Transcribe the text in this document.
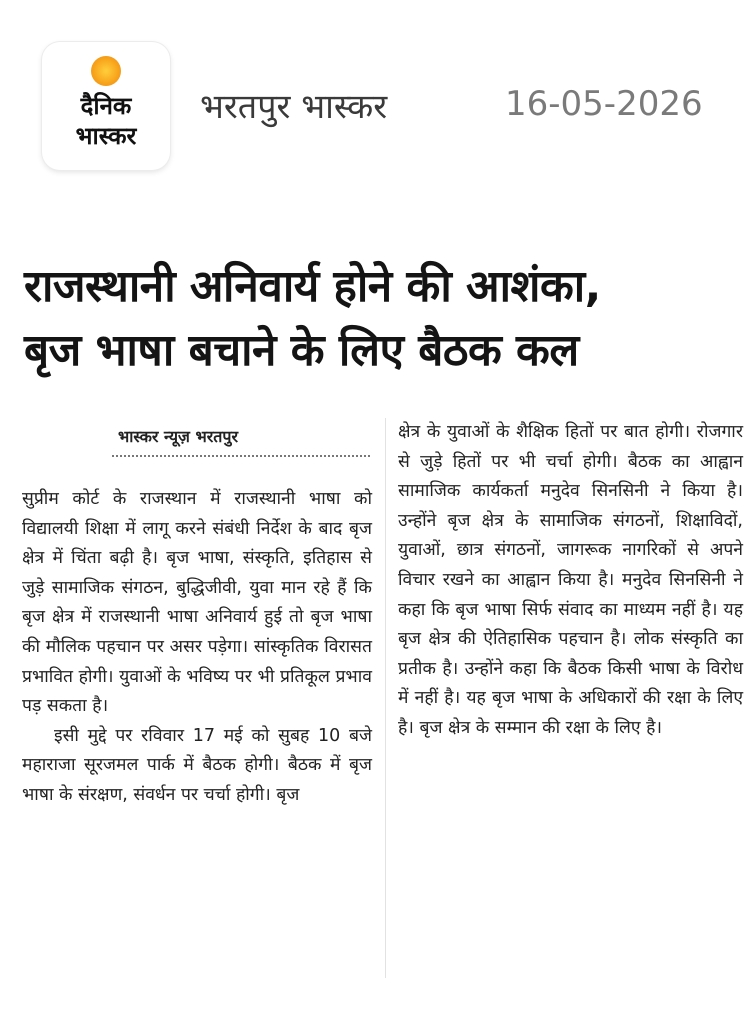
दैनिक
भास्कर
भरतपुर भास्कर	16-05-2026
राजस्थानी अनिवार्य होने की आशंका,
बृज भाषा बचाने के लिए बैठक कल
भास्कर न्यूज़ भरतपुर

सुप्रीम कोर्ट के राजस्थान में राजस्थानी भाषा को विद्यालयी शिक्षा में लागू करने संबंधी निर्देश के बाद बृज क्षेत्र में चिंता बढ़ी है। बृज भाषा, संस्कृति, इतिहास से जुड़े सामाजिक संगठन, बुद्धिजीवी, युवा मान रहे हैं कि बृज क्षेत्र में राजस्थानी भाषा अनिवार्य हुई तो बृज भाषा की मौलिक पहचान पर असर पड़ेगा। सांस्कृतिक विरासत प्रभावित होगी। युवाओं के भविष्य पर भी प्रतिकूल प्रभाव पड़ सकता है।

इसी मुद्दे पर रविवार 17 मई को सुबह 10 बजे महाराजा सूरजमल पार्क में बैठक होगी। बैठक में बृज भाषा के संरक्षण, संवर्धन पर चर्चा होगी। बृज

क्षेत्र के युवाओं के शैक्षिक हितों पर बात होगी। रोजगार से जुड़े हितों पर भी चर्चा होगी। बैठक का आह्वान सामाजिक कार्यकर्ता मनुदेव सिनसिनी ने किया है। उन्होंने बृज क्षेत्र के सामाजिक संगठनों, शिक्षाविदों, युवाओं, छात्र संगठनों, जागरूक नागरिकों से अपने विचार रखने का आह्वान किया है। मनुदेव सिनसिनी ने कहा कि बृज भाषा सिर्फ संवाद का माध्यम नहीं है। यह बृज क्षेत्र की ऐतिहासिक पहचान है। लोक संस्कृति का प्रतीक है। उन्होंने कहा कि बैठक किसी भाषा के विरोध में नहीं है। यह बृज भाषा के अधिकारों की रक्षा के लिए है। बृज क्षेत्र के सम्मान की रक्षा के लिए है।
